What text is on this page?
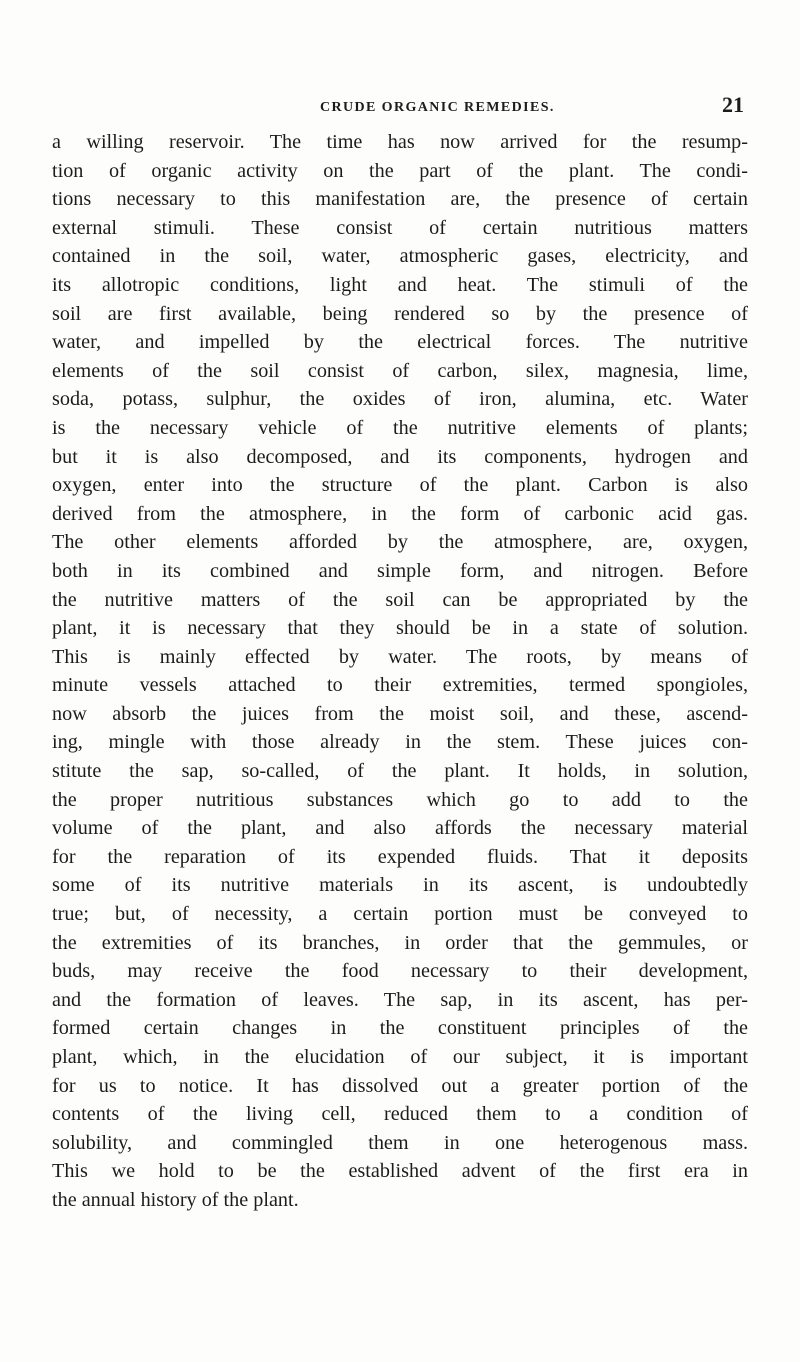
CRUDE ORGANIC REMEDIES.	21
a willing reservoir. The time has now arrived for the resump-
tion of organic activity on the part of the plant. The condi-
tions necessary to this manifestation are, the presence of certain
external stimuli. These consist of certain nutritious matters
contained in the soil, water, atmospheric gases, electricity, and
its allotropic conditions, light and heat. The stimuli of the
soil are first available, being rendered so by the presence of
water, and impelled by the electrical forces. The nutritive
elements of the soil consist of carbon, silex, magnesia, lime,
soda, potass, sulphur, the oxides of iron, alumina, etc. Water
is the necessary vehicle of the nutritive elements of plants;
but it is also decomposed, and its components, hydrogen and
oxygen, enter into the structure of the plant. Carbon is also
derived from the atmosphere, in the form of carbonic acid gas.
The other elements afforded by the atmosphere, are, oxygen,
both in its combined and simple form, and nitrogen. Before
the nutritive matters of the soil can be appropriated by the
plant, it is necessary that they should be in a state of solution.
This is mainly effected by water. The roots, by means of
minute vessels attached to their extremities, termed spongioles,
now absorb the juices from the moist soil, and these, ascend-
ing, mingle with those already in the stem. These juices con-
stitute the sap, so-called, of the plant. It holds, in solution,
the proper nutritious substances which go to add to the
volume of the plant, and also affords the necessary material
for the reparation of its expended fluids. That it deposits
some of its nutritive materials in its ascent, is undoubtedly
true; but, of necessity, a certain portion must be conveyed to
the extremities of its branches, in order that the gemmules, or
buds, may receive the food necessary to their development,
and the formation of leaves. The sap, in its ascent, has per-
formed certain changes in the constituent principles of the
plant, which, in the elucidation of our subject, it is important
for us to notice. It has dissolved out a greater portion of the
contents of the living cell, reduced them to a condition of
solubility, and commingled them in one heterogenous mass.
This we hold to be the established advent of the first era in
the annual history of the plant.
